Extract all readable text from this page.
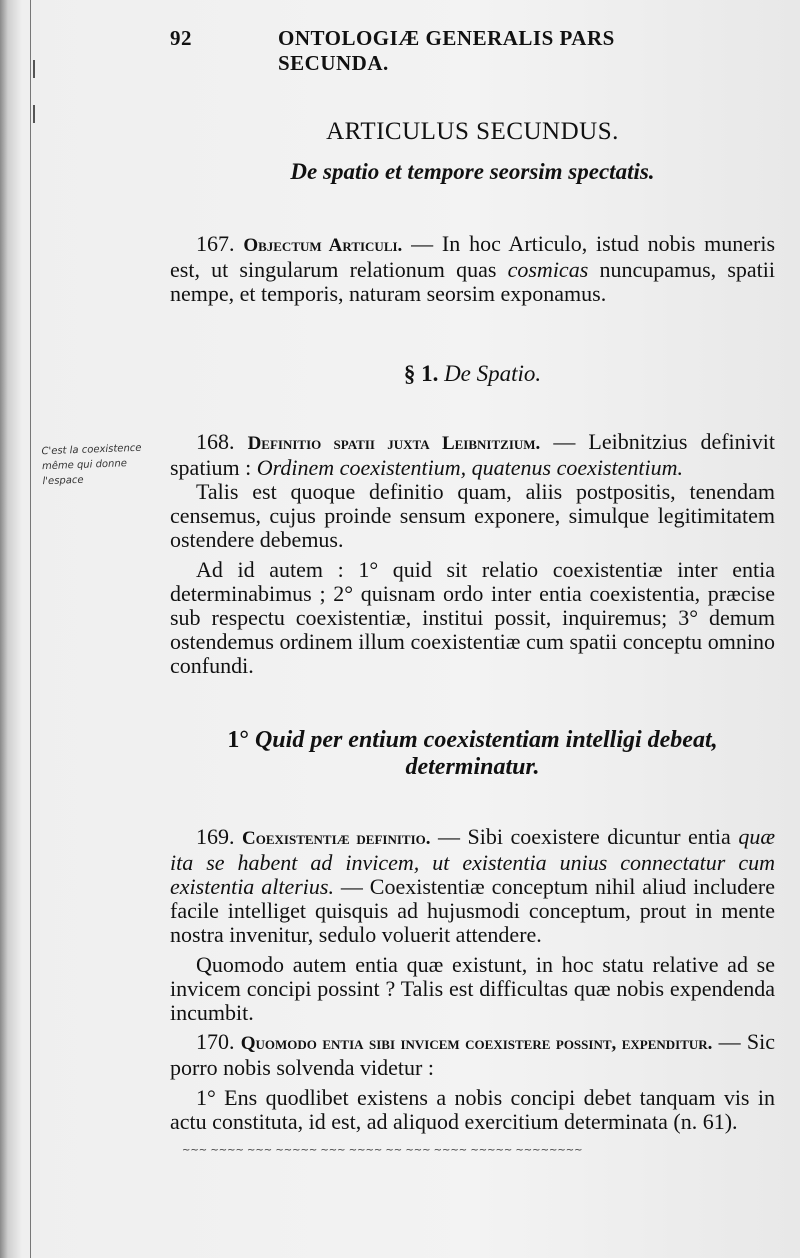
92	ONTOLOGIÆ GENERALIS PARS SECUNDA.
ARTICULUS SECUNDUS.
De spatio et tempore seorsim spectatis.
167. Objectum Articuli. — In hoc Articulo, istud nobis muneris est, ut singularum relationum quas cosmicas nuncupamus, spatii nempe, et temporis, naturam seorsim exponamus.
§ 1. De Spatio.
C'est la coexistence même qui donne l'espace
168. Definitio spatii juxta Leibnitzium. — Leibnitzius definivit spatium : Ordinem coexistentium, quatenus coexistentium.
Talis est quoque definitio quam, aliis postpositis, tenendam censemus, cujus proinde sensum exponere, simulque legitimitatem ostendere debemus.
Ad id autem : 1° quid sit relatio coexistentiæ inter entia determinabimus ; 2° quisnam ordo inter entia coexistentia, præcise sub respectu coexistentiæ, institui possit, inquiremus; 3° demum ostendemus ordinem illum coexistentiæ cum spatii conceptu omnino confundi.
1° Quid per entium coexistentiam intelligi debeat, determinatur.
169. Coexistentiæ definitio. — Sibi coexistere dicuntur entia quæ ita se habent ad invicem, ut existentia unius connectatur cum existentia alterius. — Coexistentiæ conceptum nihil aliud includere facile intelliget quisquis ad hujusmodi conceptum, prout in mente nostra invenitur, sedulo voluerit attendere.
Quomodo autem entia quæ existunt, in hoc statu relative ad se invicem concipi possint ? Talis est difficultas quæ nobis expendenda incumbit.
170. Quomodo entia sibi invicem coexistere possint, expenditur. — Sic porro nobis solvenda videtur :
1° Ens quodlibet existens a nobis concipi debet tanquam vis in actu constituta, id est, ad aliquod exercitium determinata (n. 61).
~~~ ~~~~ ~~~ ~~~~~ ~~~ ~~~~ ~~ ~~~ ~~~~ ~~~~~ ~~~~~~~~
